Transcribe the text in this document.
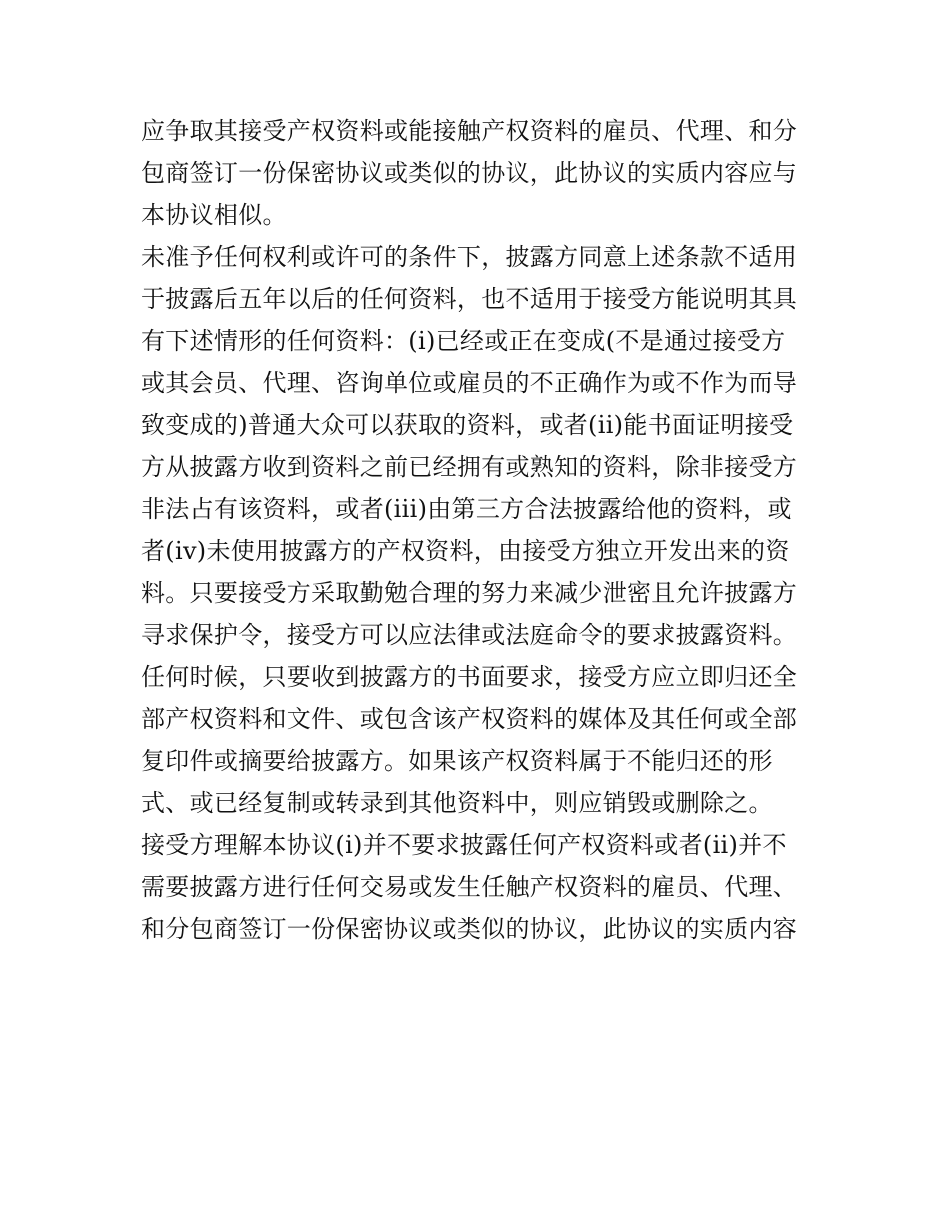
应争取其接受产权资料或能接触产权资料的雇员、代理、和分
包商签订一份保密协议或类似的协议，此协议的实质内容应与
本协议相似。
未准予任何权利或许可的条件下，披露方同意上述条款不适用
于披露后五年以后的任何资料，也不适用于接受方能说明其具
有下述情形的任何资料：(i)已经或正在变成(不是通过接受方
或其会员、代理、咨询单位或雇员的不正确作为或不作为而导
致变成的)普通大众可以获取的资料，或者(ii)能书面证明接受
方从披露方收到资料之前已经拥有或熟知的资料，除非接受方
非法占有该资料，或者(iii)由第三方合法披露给他的资料，或
者(iv)未使用披露方的产权资料，由接受方独立开发出来的资
料。只要接受方采取勤勉合理的努力来减少泄密且允许披露方
寻求保护令，接受方可以应法律或法庭命令的要求披露资料。
任何时候，只要收到披露方的书面要求，接受方应立即归还全
部产权资料和文件、或包含该产权资料的媒体及其任何或全部
复印件或摘要给披露方。如果该产权资料属于不能归还的形
式、或已经复制或转录到其他资料中，则应销毁或删除之。
接受方理解本协议(i)并不要求披露任何产权资料或者(ii)并不
需要披露方进行任何交易或发生任触产权资料的雇员、代理、
和分包商签订一份保密协议或类似的协议，此协议的实质内容
